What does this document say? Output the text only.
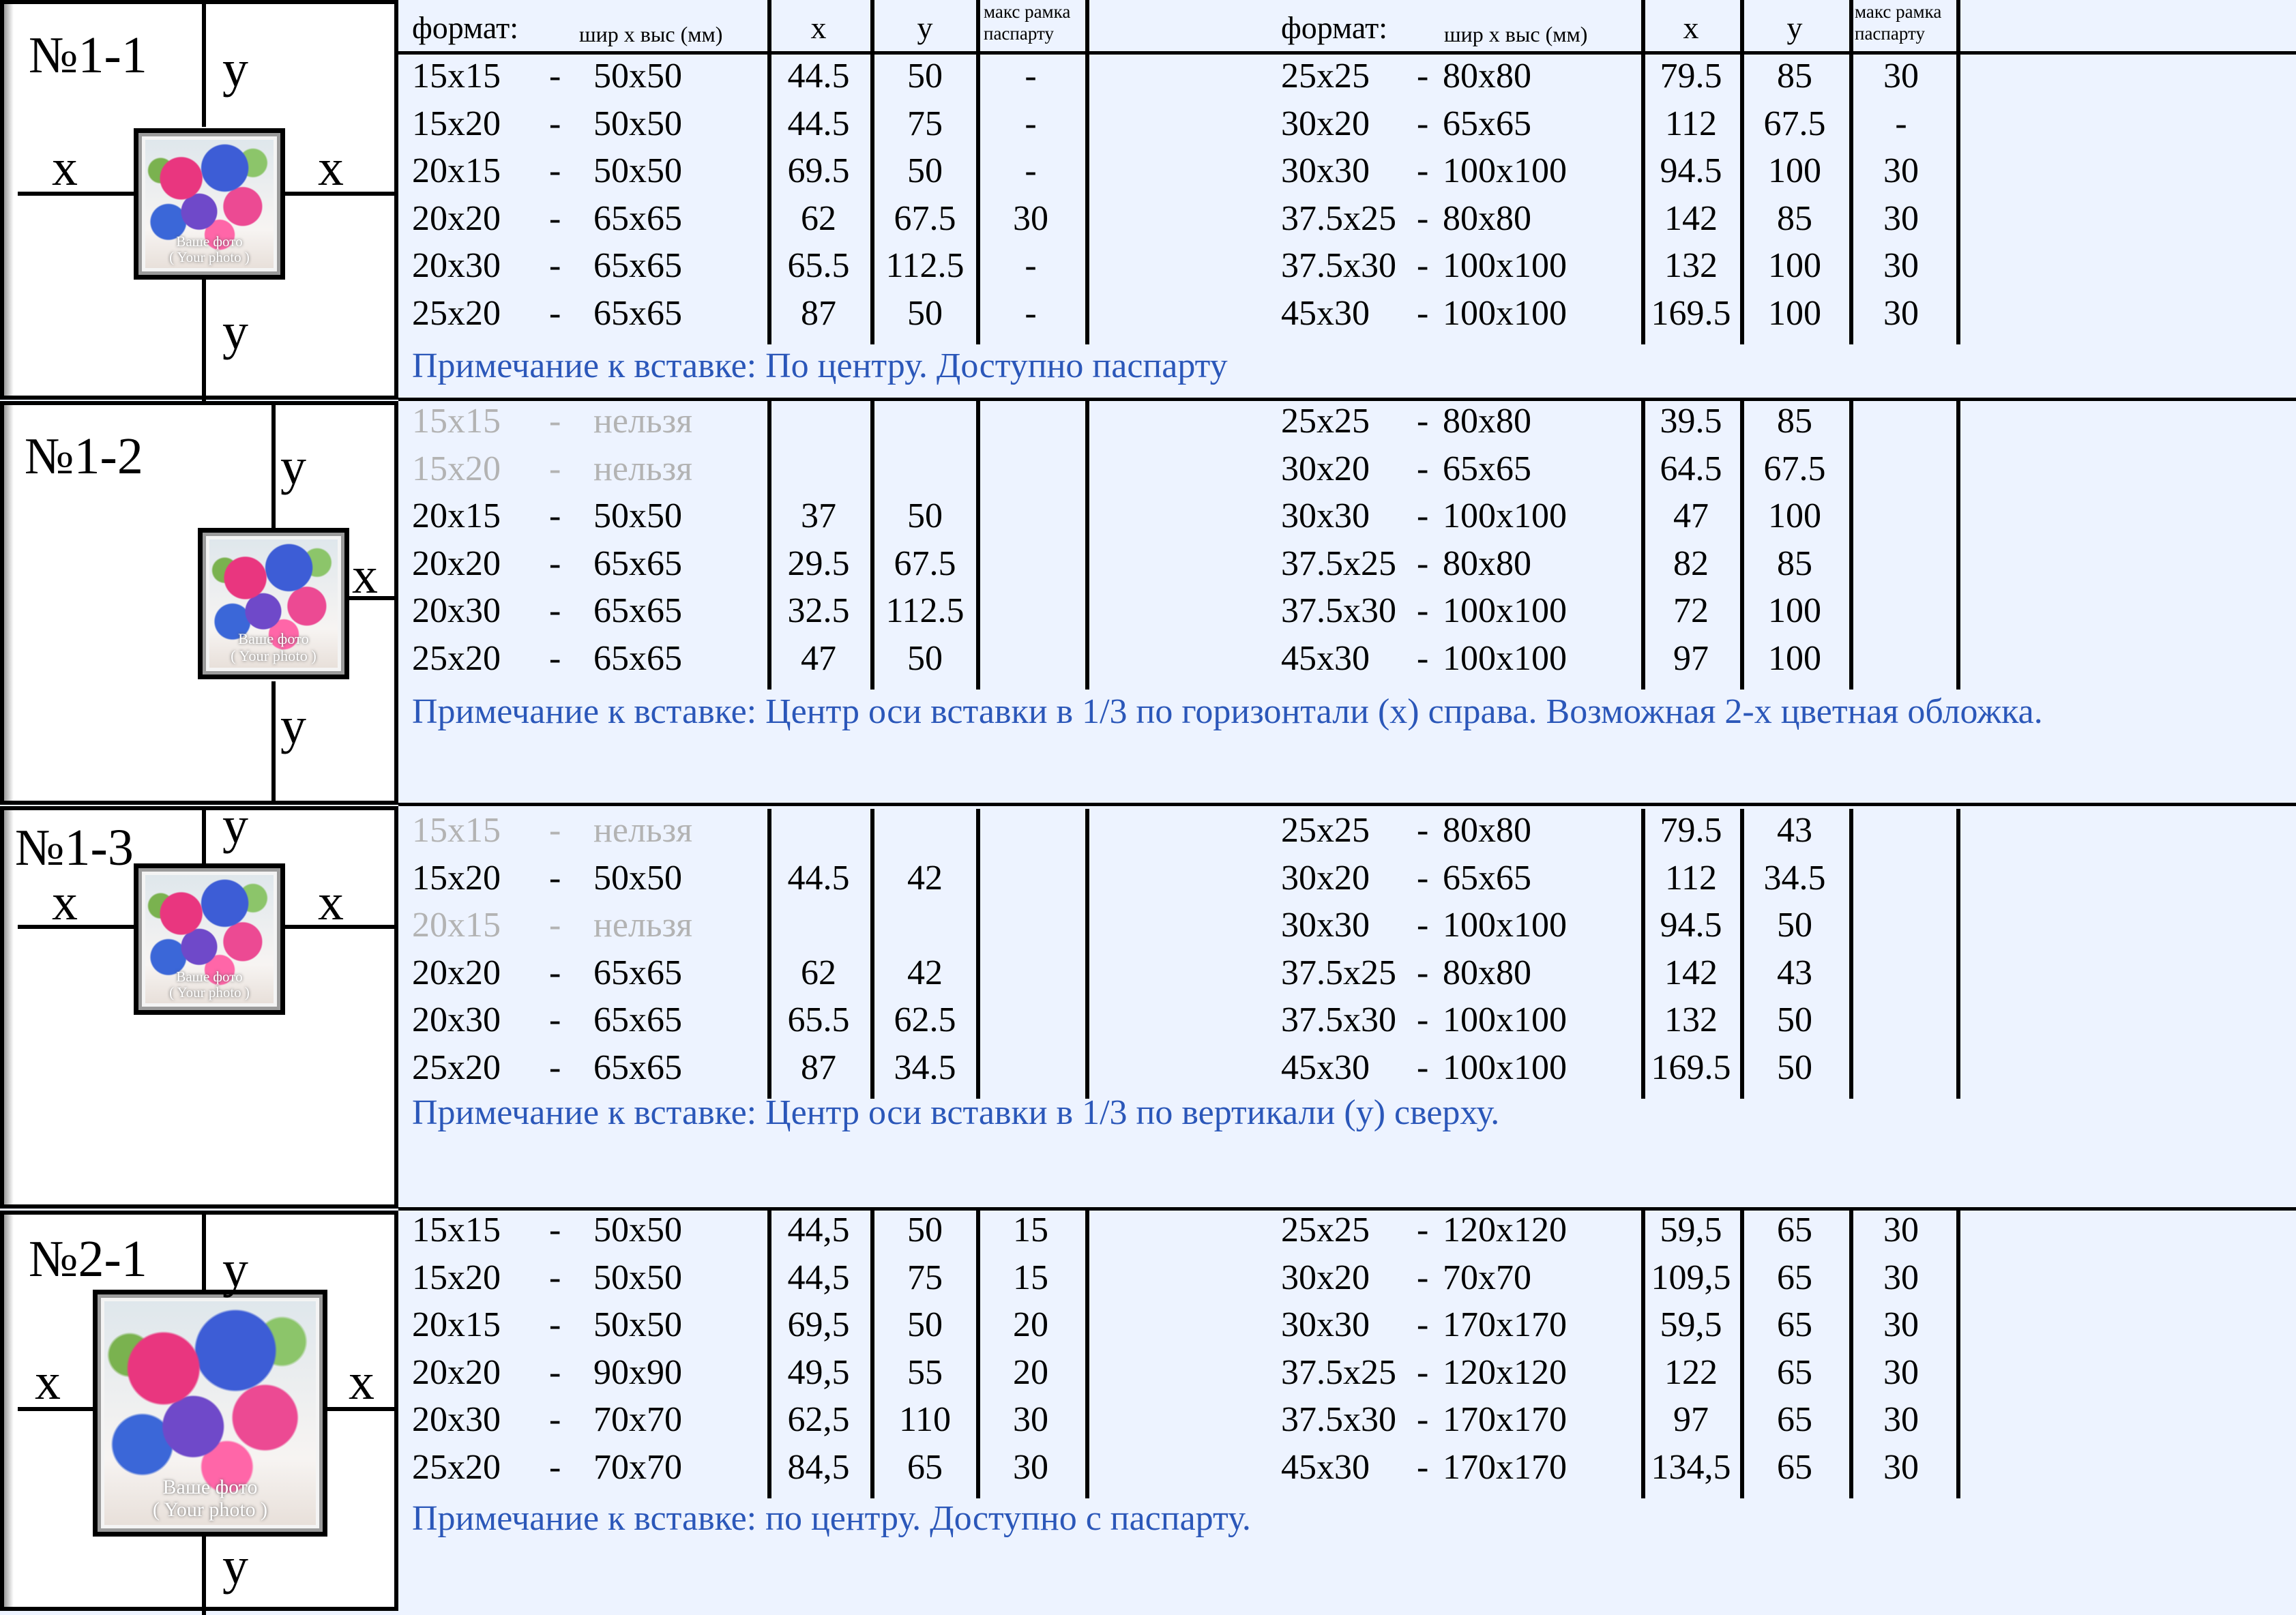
формат:	шир х выс (мм)	x	y	макс рамка
паспарту	формат:	шир х выс (мм)	x	y	макс рамка
паспарту
Ваше фото
( Your photo )
y
y
x	x
№1-1
Ваше фото
( Your photo )
y
y
x
№1-2
Ваше фото
( Your photo )
y
x	x
№1-3
Ваше фото
( Your photo )
y
y
x	x
№2-1
15x15 - 50x50	44.5	50	-
15x20 - 50x50	44.5	75	-
20x15 - 50x50	69.5	50	-
20x20 - 65x65	62	67.5	30
20x30 - 65x65	65.5	112.5	-
25x20 - 65x65	87	50	-
25x25 - 80x80	79.5	85	30
30x20 - 65x65	112	67.5	-
30x30 - 100x100	94.5	100	30
37.5x25 - 80x80	142	85	30
37.5x30 - 100x100	132	100	30
45x30 - 100x100	169.5	100	30
Примечание к вставке: По центру. Доступно паспарту
15x15 - нельзя
15x20 - нельзя
20x15 - 50x50	37	50
20x20 - 65x65	29.5	67.5
20x30 - 65x65	32.5	112.5
25x20 - 65x65	47	50
25x25 - 80x80	39.5	85
30x20 - 65x65	64.5	67.5
30x30 - 100x100	47	100
37.5x25 - 80x80	82	85
37.5x30 - 100x100	72	100
45x30 - 100x100	97	100
Примечание к вставке: Центр оси вставки в 1/3 по горизонтали (х) справа. Возможная 2-х цветная обложка.
15x15 - нельзя
15x20 - 50x50	44.5	42
20x15 - нельзя
20x20 - 65x65	62	42
20x30 - 65x65	65.5	62.5
25x20 - 65x65	87	34.5
25x25 - 80x80	79.5	43
30x20 - 65x65	112	34.5
30x30 - 100x100	94.5	50
37.5x25 - 80x80	142	43
37.5x30 - 100x100	132	50
45x30 - 100x100	169.5	50
Примечание к вставке: Центр оси вставки в 1/3 по вертикали (у) сверху.
15x15 - 50x50	44,5	50	15
15x20 - 50x50	44,5	75	15
20x15 - 50x50	69,5	50	20
20x20 - 90x90	49,5	55	20
20x30 - 70x70	62,5	110	30
25x20 - 70x70	84,5	65	30
25x25 - 120x120	59,5	65	30
30x20 - 70x70	109,5	65	30
30x30 - 170x170	59,5	65	30
37.5x25 - 120x120	122	65	30
37.5x30 - 170x170	97	65	30
45x30 - 170x170	134,5	65	30
Примечание к вставке: по центру. Доступно с паспарту.
